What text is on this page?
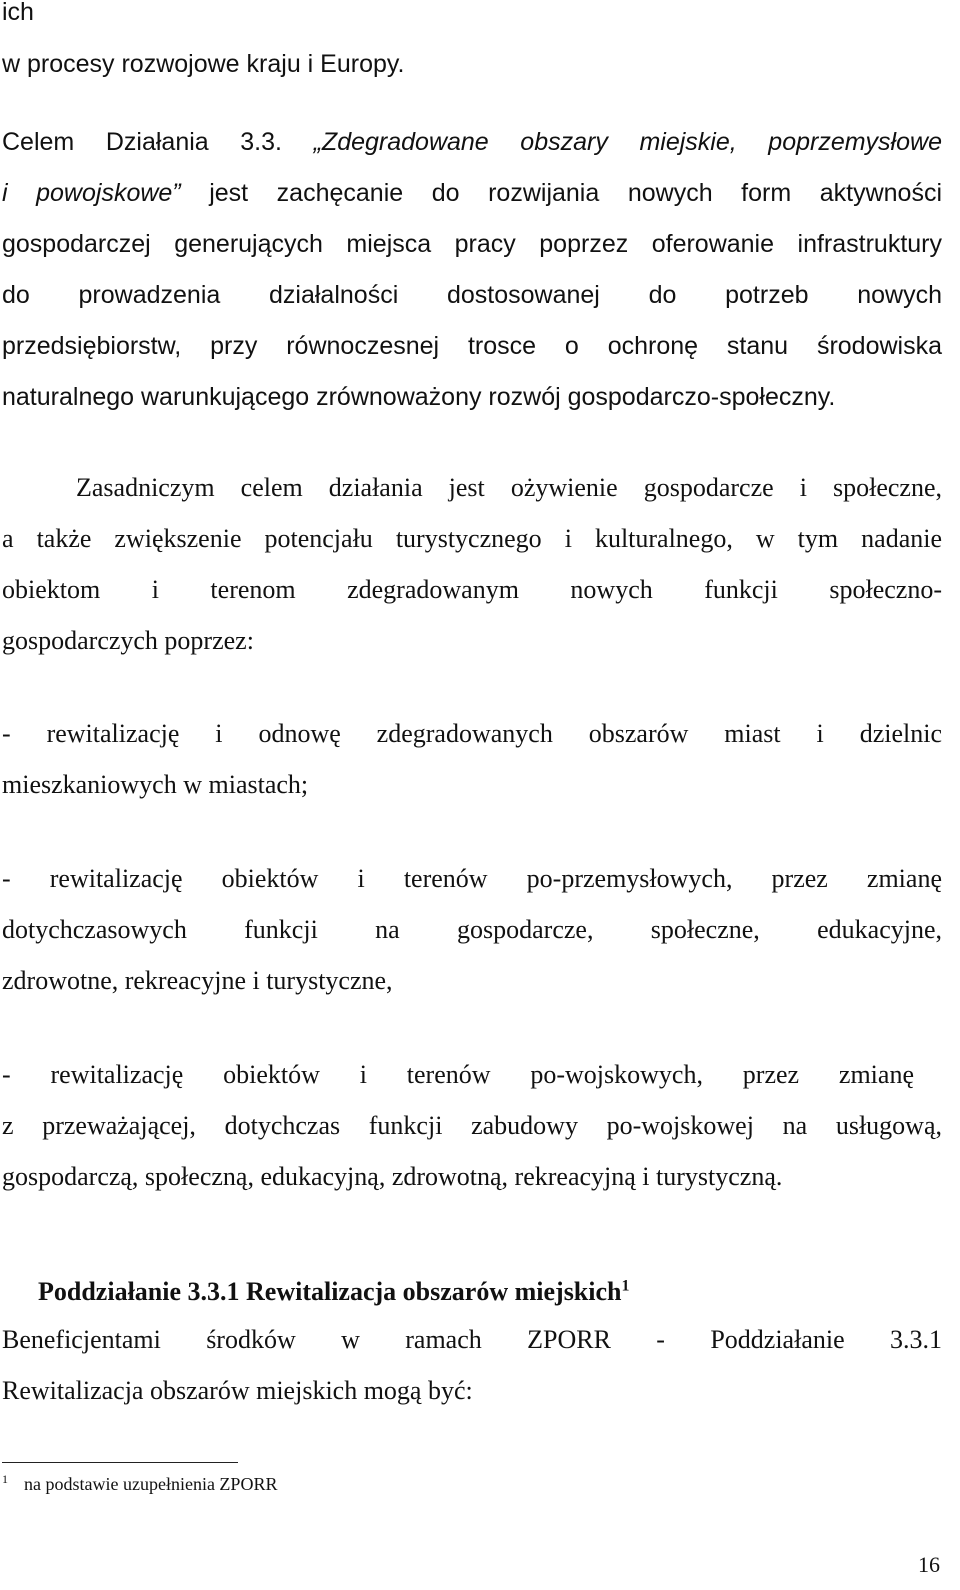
ich
w procesy rozwojowe kraju i Europy.
Celem Działania 3.3. „Zdegradowane obszary miejskie, poprzemysłowe
i powojskowe” jest zachęcanie do rozwijania nowych form aktywności
gospodarczej generujących miejsca pracy poprzez oferowanie infrastruktury
do prowadzenia działalności dostosowanej do potrzeb nowych
przedsiębiorstw, przy równoczesnej trosce o ochronę stanu środowiska
naturalnego warunkującego zrównoważony rozwój gospodarczo-społeczny.
Zasadniczym celem działania jest ożywienie gospodarcze i społeczne,
a także zwiększenie potencjału turystycznego i kulturalnego, w tym nadanie
obiektom i terenom zdegradowanym nowych funkcji społeczno-
gospodarczych poprzez:
- rewitalizację i odnowę zdegradowanych obszarów miast i dzielnic
mieszkaniowych w miastach;
- rewitalizację obiektów i terenów po-przemysłowych, przez zmianę
dotychczasowych funkcji na gospodarcze, społeczne, edukacyjne,
zdrowotne, rekreacyjne i turystyczne,
- rewitalizację obiektów i terenów po-wojskowych, przez zmianę
z przeważającej, dotychczas funkcji zabudowy po-wojskowej na usługową,
gospodarczą, społeczną, edukacyjną, zdrowotną, rekreacyjną i turystyczną.
Poddziałanie 3.3.1 Rewitalizacja obszarów miejskich$^1$
Beneficjentami środków w ramach ZPORR - Poddziałanie 3.3.1
Rewitalizacja obszarów miejskich mogą być:
$^1$ na podstawie uzupełnienia ZPORR
16
